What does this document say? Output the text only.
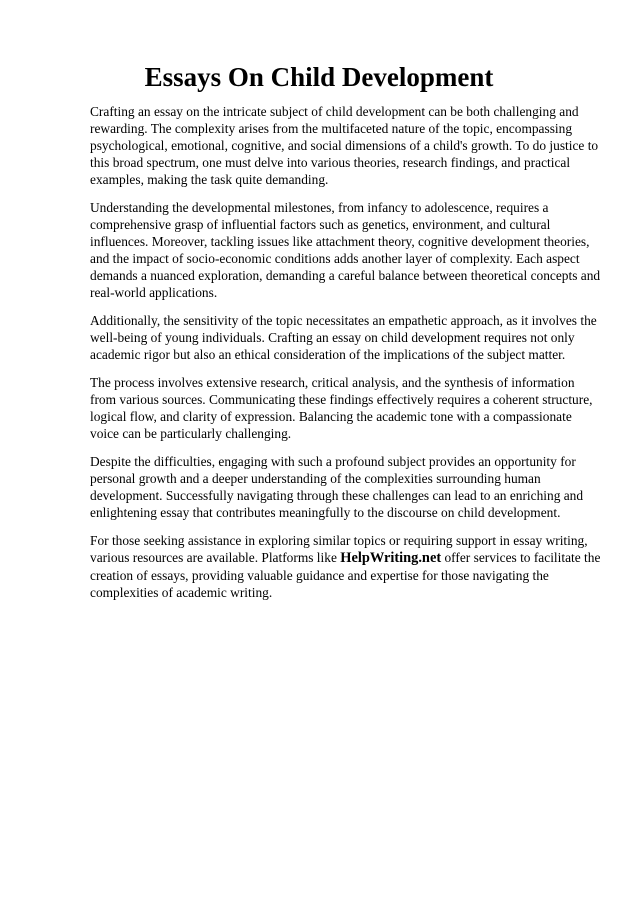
Essays On Child Development

Crafting an essay on the intricate subject of child development can be both challenging and rewarding. The complexity arises from the multifaceted nature of the topic, encompassing psychological, emotional, cognitive, and social dimensions of a child's growth. To do justice to this broad spectrum, one must delve into various theories, research findings, and practical examples, making the task quite demanding.

Understanding the developmental milestones, from infancy to adolescence, requires a comprehensive grasp of influential factors such as genetics, environment, and cultural influences. Moreover, tackling issues like attachment theory, cognitive development theories, and the impact of socio-economic conditions adds another layer of complexity. Each aspect demands a nuanced exploration, demanding a careful balance between theoretical concepts and real-world applications.

Additionally, the sensitivity of the topic necessitates an empathetic approach, as it involves the well-being of young individuals. Crafting an essay on child development requires not only academic rigor but also an ethical consideration of the implications of the subject matter.

The process involves extensive research, critical analysis, and the synthesis of information from various sources. Communicating these findings effectively requires a coherent structure, logical flow, and clarity of expression. Balancing the academic tone with a compassionate voice can be particularly challenging.

Despite the difficulties, engaging with such a profound subject provides an opportunity for personal growth and a deeper understanding of the complexities surrounding human development. Successfully navigating through these challenges can lead to an enriching and enlightening essay that contributes meaningfully to the discourse on child development.

For those seeking assistance in exploring similar topics or requiring support in essay writing, various resources are available. Platforms like HelpWriting.net offer services to facilitate the creation of essays, providing valuable guidance and expertise for those navigating the complexities of academic writing.
